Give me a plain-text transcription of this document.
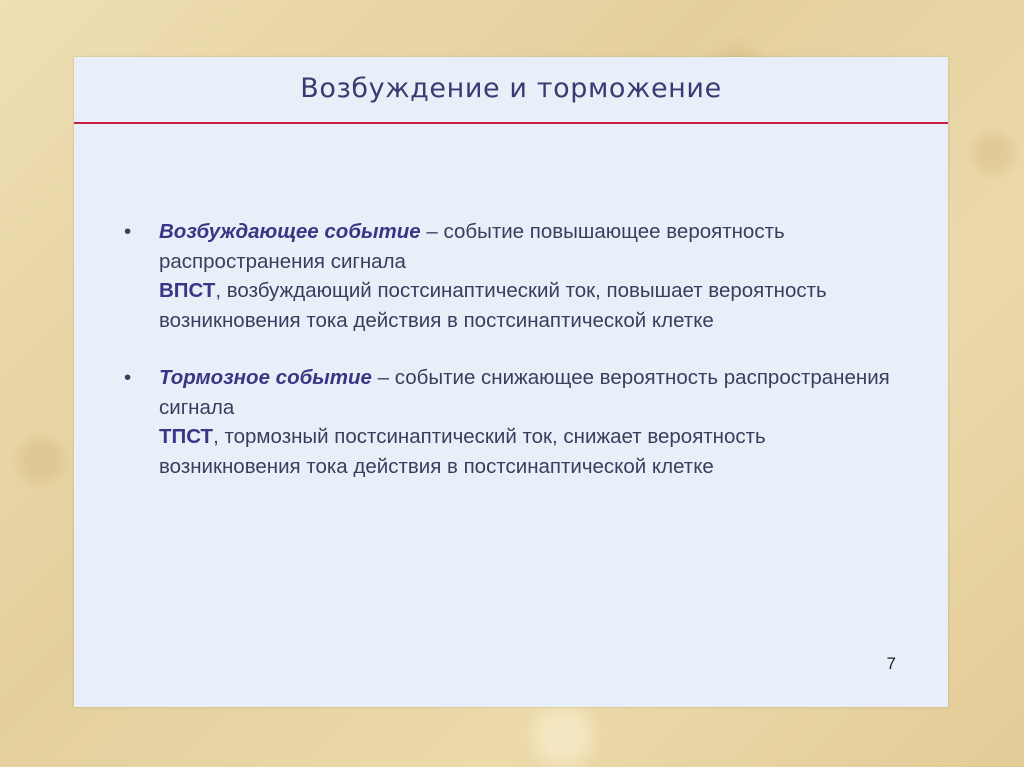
Возбуждение и торможение
•	Возбуждающее событие – событие повышающее вероятность распространения сигнала
ВПСТ, возбуждающий постсинаптический ток, повышает вероятность возникновения тока действия в постсинаптической клетке
•	Тормозное событие – событие снижающее вероятность распространения сигнала
ТПСТ, тормозный постсинаптический ток, снижает вероятность возникновения тока действия в постсинаптической клетке
7
